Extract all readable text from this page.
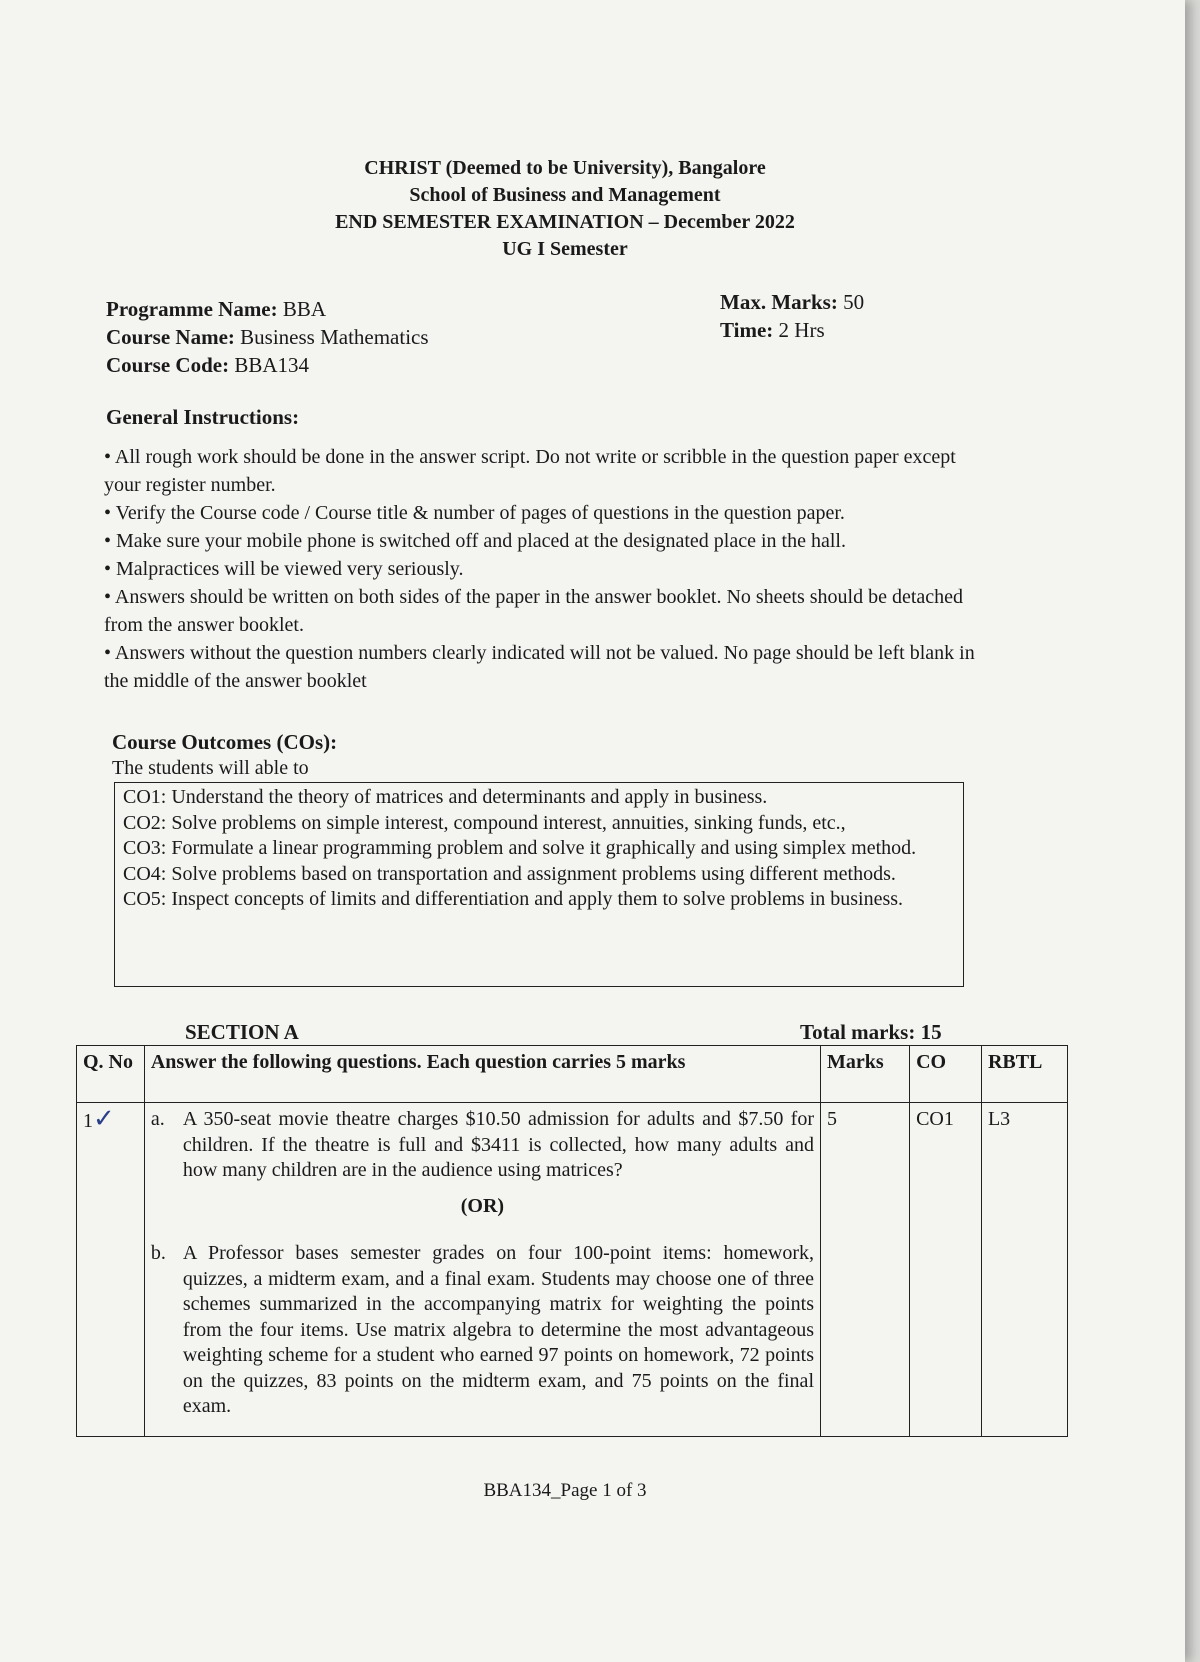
CHRIST (Deemed to be University), Bangalore
School of Business and Management
END SEMESTER EXAMINATION – December 2022
UG I Semester
Programme Name: BBA
Course Name: Business Mathematics
Course Code: BBA134
Max. Marks: 50
Time: 2 Hrs
General Instructions:

• All rough work should be done in the answer script. Do not write or scribble in the question paper except your register number.

• Verify the Course code / Course title & number of pages of questions in the question paper.

• Make sure your mobile phone is switched off and placed at the designated place in the hall.

• Malpractices will be viewed very seriously.

• Answers should be written on both sides of the paper in the answer booklet. No sheets should be detached from the answer booklet.

• Answers without the question numbers clearly indicated will not be valued. No page should be left blank in the middle of the answer booklet

Course Outcomes (COs):
The students will able to

CO1: Understand the theory of matrices and determinants and apply in business.

CO2: Solve problems on simple interest, compound interest, annuities, sinking funds, etc.,

CO3: Formulate a linear programming problem and solve it graphically and using simplex method.

CO4: Solve problems based on transportation and assignment problems using different methods.

CO5: Inspect concepts of limits and differentiation and apply them to solve problems in business.

SECTION A	Total marks: 15
Q. No	Answer the following questions. Each question carries 5 marks	Marks	CO	RBTL
1✓	a. A 350-seat movie theatre charges $10.50 admission for adults and $7.50 for children. If the theatre is full and $3411 is collected, how many adults and how many children are in the audience using matrices?
(OR)
b. A Professor bases semester grades on four 100-point items: homework, quizzes, a midterm exam, and a final exam. Students may choose one of three schemes summarized in the accompanying matrix for weighting the points from the four items. Use matrix algebra to determine the most advantageous weighting scheme for a student who earned 97 points on homework, 72 points on the quizzes, 83 points on the midterm exam, and 75 points on the final exam.	5	CO1	L3
BBA134_Page 1 of 3
